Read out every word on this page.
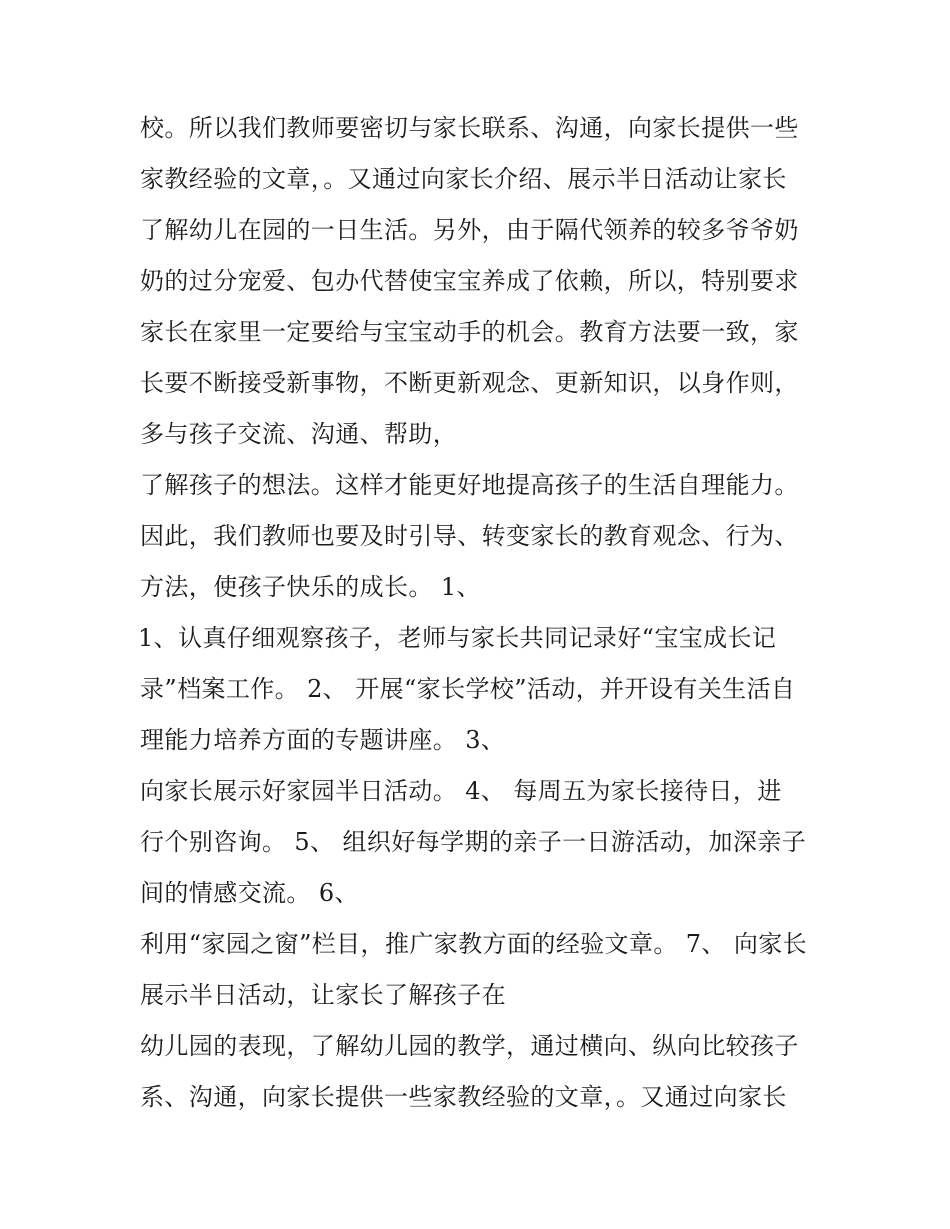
校。所以我们教师要密切与家长联系、沟通，向家长提供一些
家教经验的文章，。又通过向家长介绍、展示半日活动让家长
了解幼儿在园的一日生活。另外，由于隔代领养的较多爷爷奶
奶的过分宠爱、包办代替使宝宝养成了依赖，所以，特别要求
家长在家里一定要给与宝宝动手的机会。教育方法要一致，家
长要不断接受新事物，不断更新观念、更新知识，以身作则，
多与孩子交流、沟通、帮助，
了解孩子的想法。这样才能更好地提高孩子的生活自理能力。
因此，我们教师也要及时引导、转变家长的教育观念、行为、
方法，使孩子快乐的成长。 1、
1、认真仔细观察孩子，老师与家长共同记录好“宝宝成长记
录”档案工作。 2、 开展“家长学校”活动，并开设有关生活自
理能力培养方面的专题讲座。 3、
向家长展示好家园半日活动。 4、 每周五为家长接待日，进
行个别咨询。 5、 组织好每学期的亲子一日游活动，加深亲子
间的情感交流。 6、
利用“家园之窗”栏目，推广家教方面的经验文章。 7、 向家长
展示半日活动，让家长了解孩子在
幼儿园的表现，了解幼儿园的教学，通过横向、纵向比较孩子
系、沟通，向家长提供一些家教经验的文章，。又通过向家长
